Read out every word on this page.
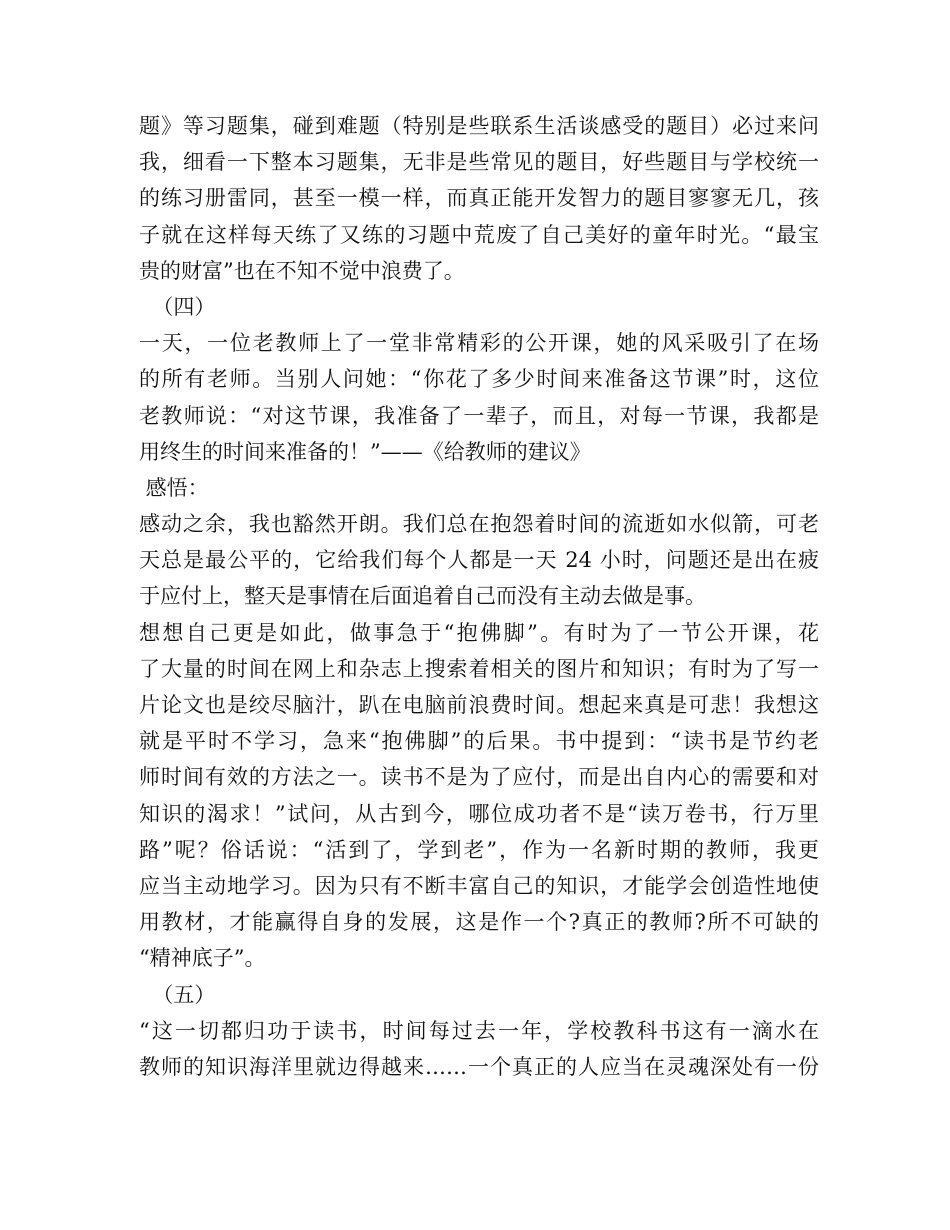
题》等习题集，碰到难题（特别是些联系生活谈感受的题目）必过来问
我，细看一下整本习题集，无非是些常见的题目，好些题目与学校统一
的练习册雷同，甚至一模一样，而真正能开发智力的题目寥寥无几，孩
子就在这样每天练了又练的习题中荒废了自己美好的童年时光。“最宝
贵的财富”也在不知不觉中浪费了。
（四）
一天，一位老教师上了一堂非常精彩的公开课，她的风采吸引了在场
的所有老师。当别人问她：“你花了多少时间来准备这节课”时，这位
老教师说：“对这节课，我准备了一辈子，而且，对每一节课，我都是
用终生的时间来准备的！”——《给教师的建议》
感悟：
感动之余，我也豁然开朗。我们总在抱怨着时间的流逝如水似箭，可老
天总是最公平的，它给我们每个人都是一天 24 小时，问题还是出在疲
于应付上，整天是事情在后面追着自己而没有主动去做是事。
想想自己更是如此，做事急于“抱佛脚”。有时为了一节公开课，花
了大量的时间在网上和杂志上搜索着相关的图片和知识；有时为了写一
片论文也是绞尽脑汁，趴在电脑前浪费时间。想起来真是可悲！我想这
就是平时不学习，急来“抱佛脚”的后果。书中提到：“读书是节约老
师时间有效的方法之一。读书不是为了应付，而是出自内心的需要和对
知识的渴求！”试问，从古到今，哪位成功者不是“读万卷书，行万里
路”呢？俗话说：“活到了，学到老”，作为一名新时期的教师，我更
应当主动地学习。因为只有不断丰富自己的知识，才能学会创造性地使
用教材，才能赢得自身的发展，这是作一个?真正的教师?所不可缺的
“精神底子”。
（五）
“这一切都归功于读书，时间每过去一年，学校教科书这有一滴水在
教师的知识海洋里就边得越来……一个真正的人应当在灵魂深处有一份
